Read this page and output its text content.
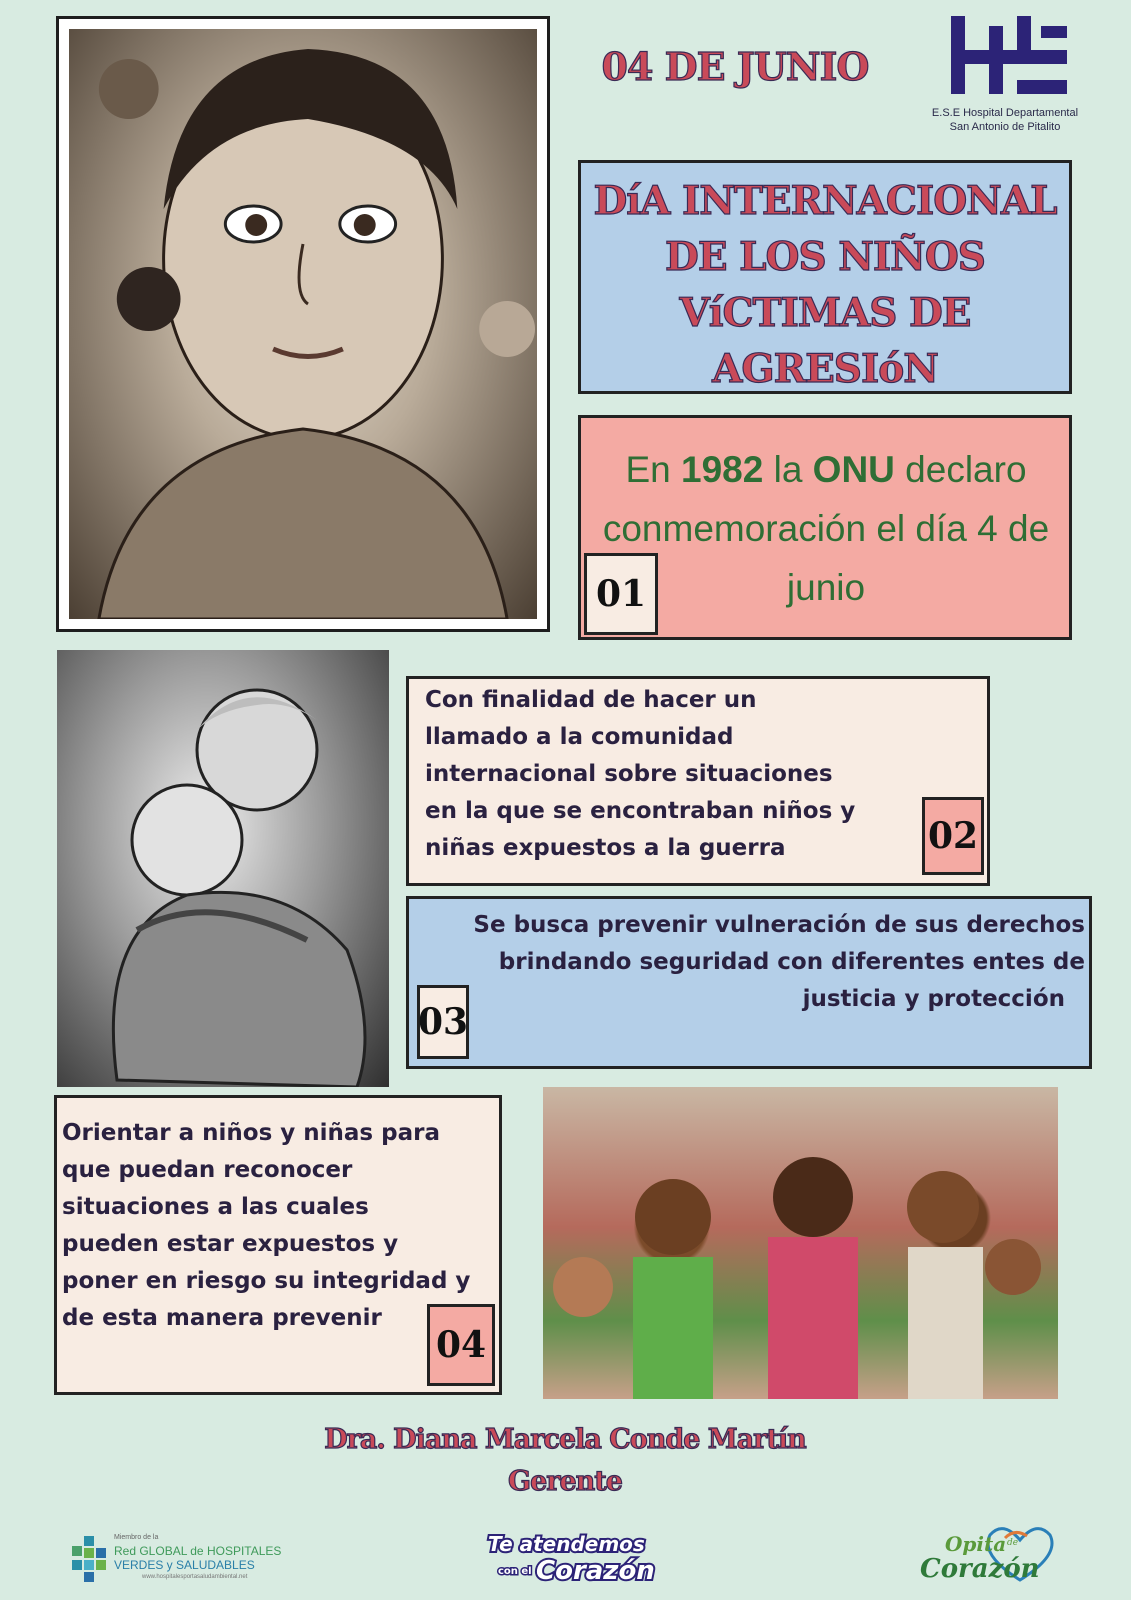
04 DE JUNIO
E.S.E Hospital Departamental
San Antonio de Pitalito
DíA INTERNACIONAL
DE LOS NIÑOS
VíCTIMAS DE
AGRESIóN
En 1982 la ONU declaro conmemoración el día 4 de junio
01
Con finalidad de hacer un
llamado a la comunidad
internacional sobre situaciones
en la que se encontraban niños y
niñas expuestos a la guerra	02
Se busca prevenir vulneración de sus derechos
brindando seguridad con diferentes entes de
justicia y protección
03
Orientar a niños y niñas para
que puedan reconocer
situaciones a las cuales
pueden estar expuestos y
poner en riesgo su integridad y
de esta manera prevenir
04
Dra. Diana Marcela Conde Martín
Gerente
Miembro de la
Red GLOBAL de HOSPITALES
VERDES y SALUDABLES
www.hospitalesportasaludambiental.net
Te atendemos
con el Corazón
Opita de
Corazón
